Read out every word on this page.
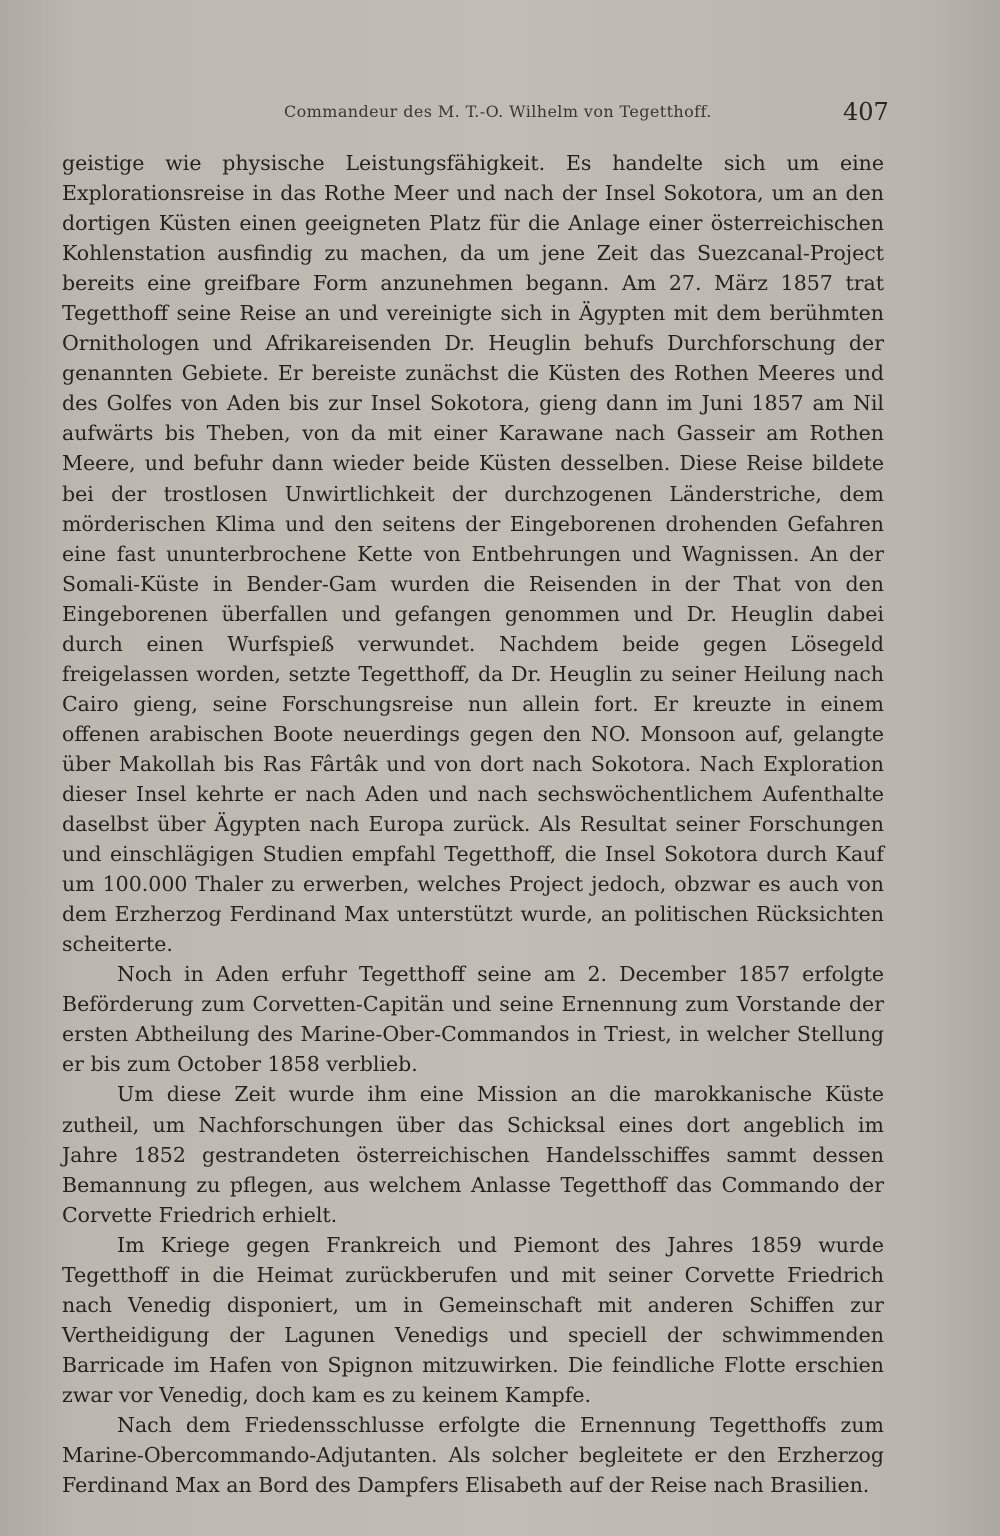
Commandeur des M. T.-O. Wilhelm von Tegetthoff.	407

geistige wie physische Leistungsfähigkeit. Es handelte sich um eine Explorationsreise in das Rothe Meer und nach der Insel Sokotora, um an den dortigen Küsten einen geeigneten Platz für die Anlage einer österreichischen Kohlenstation ausfindig zu machen, da um jene Zeit das Suezcanal-Project bereits eine greifbare Form anzunehmen begann. Am 27. März 1857 trat Tegetthoff seine Reise an und vereinigte sich in Ägypten mit dem berühmten Ornithologen und Afrikareisenden Dr. Heuglin behufs Durchforschung der genannten Gebiete. Er bereiste zunächst die Küsten des Rothen Meeres und des Golfes von Aden bis zur Insel Sokotora, gieng dann im Juni 1857 am Nil aufwärts bis Theben, von da mit einer Karawane nach Gasseir am Rothen Meere, und befuhr dann wieder beide Küsten desselben. Diese Reise bildete bei der trostlosen Unwirtlichkeit der durchzogenen Länderstriche, dem mörderischen Klima und den seitens der Eingeborenen drohenden Gefahren eine fast ununterbrochene Kette von Entbehrungen und Wagnissen. An der Somali-Küste in Bender-Gam wurden die Reisenden in der That von den Eingeborenen überfallen und gefangen genommen und Dr. Heuglin dabei durch einen Wurfspieß verwundet. Nachdem beide gegen Lösegeld freigelassen worden, setzte Tegetthoff, da Dr. Heuglin zu seiner Heilung nach Cairo gieng, seine Forschungsreise nun allein fort. Er kreuzte in einem offenen arabischen Boote neuerdings gegen den NO. Monsoon auf, gelangte über Makollah bis Ras Fârtâk und von dort nach Sokotora. Nach Exploration dieser Insel kehrte er nach Aden und nach sechswöchentlichem Aufenthalte daselbst über Ägypten nach Europa zurück. Als Resultat seiner Forschungen und einschlägigen Studien empfahl Tegetthoff, die Insel Sokotora durch Kauf um 100.000 Thaler zu erwerben, welches Project jedoch, obzwar es auch von dem Erzherzog Ferdinand Max unterstützt wurde, an politischen Rücksichten scheiterte.

Noch in Aden erfuhr Tegetthoff seine am 2. December 1857 erfolgte Beförderung zum Corvetten-Capitän und seine Ernennung zum Vorstande der ersten Abtheilung des Marine-Ober-Commandos in Triest, in welcher Stellung er bis zum October 1858 verblieb.

Um diese Zeit wurde ihm eine Mission an die marokkanische Küste zutheil, um Nachforschungen über das Schicksal eines dort angeblich im Jahre 1852 gestrandeten österreichischen Handelsschiffes sammt dessen Bemannung zu pflegen, aus welchem Anlasse Tegetthoff das Commando der Corvette Friedrich erhielt.

Im Kriege gegen Frankreich und Piemont des Jahres 1859 wurde Tegetthoff in die Heimat zurückberufen und mit seiner Corvette Friedrich nach Venedig disponiert, um in Gemeinschaft mit anderen Schiffen zur Vertheidigung der Lagunen Venedigs und speciell der schwimmenden Barricade im Hafen von Spignon mitzuwirken. Die feindliche Flotte erschien zwar vor Venedig, doch kam es zu keinem Kampfe.

Nach dem Friedensschlusse erfolgte die Ernennung Tegetthoffs zum Marine-Obercommando-Adjutanten. Als solcher begleitete er den Erzherzog Ferdinand Max an Bord des Dampfers Elisabeth auf der Reise nach Brasilien.
